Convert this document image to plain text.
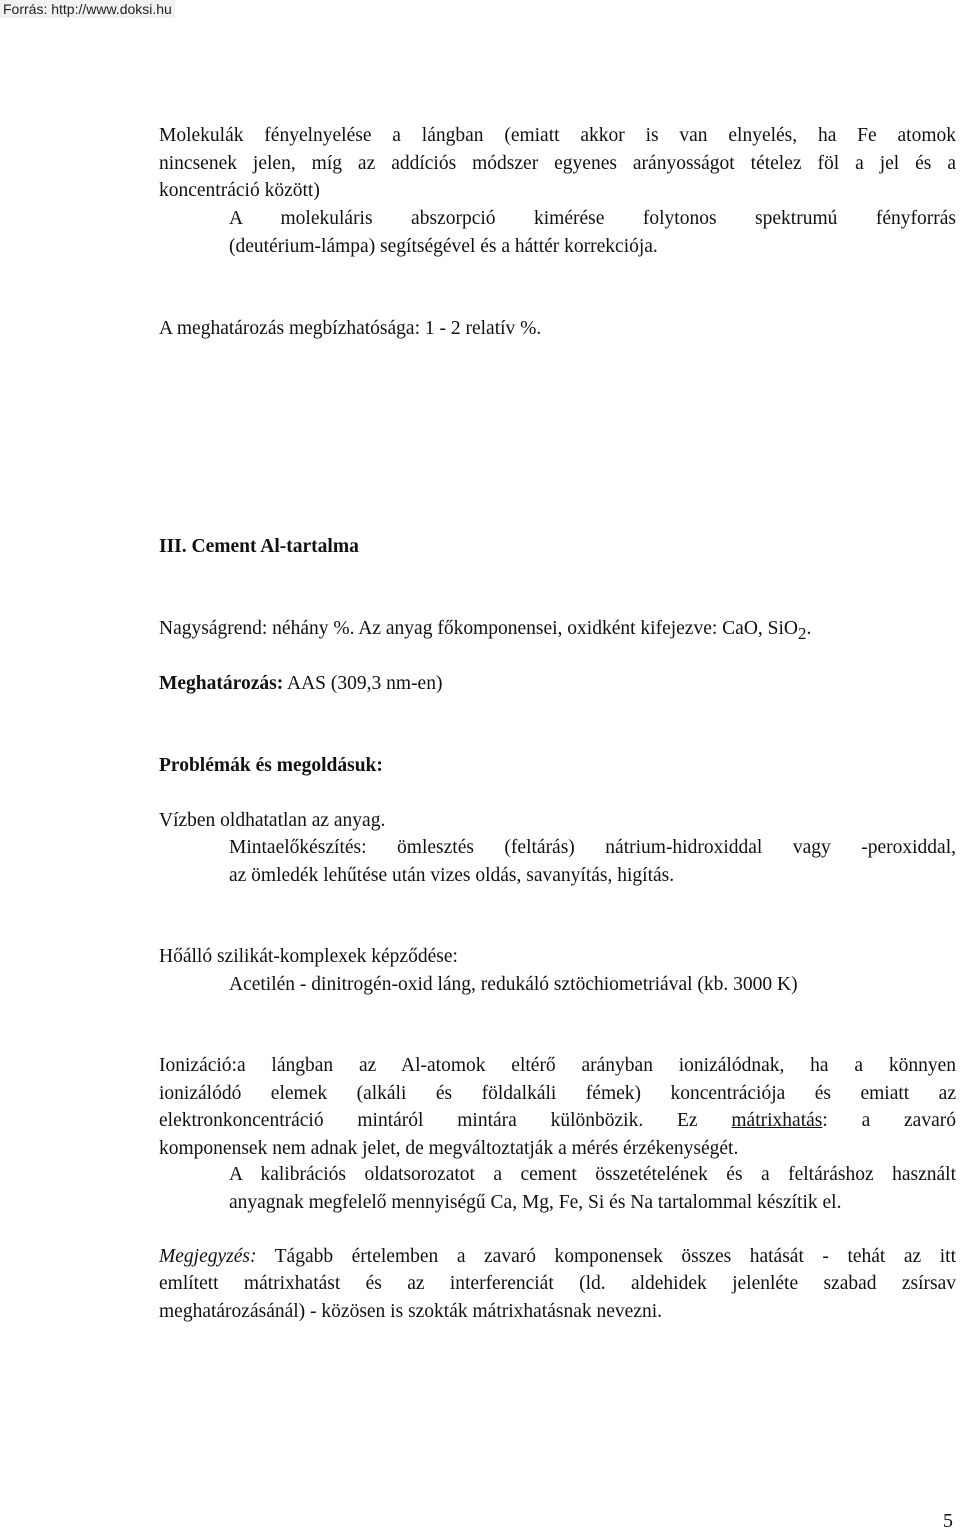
Forrás: http://www.doksi.hu

Molekulák fényelnyelése a lángban (emiatt akkor is van elnyelés, ha Fe atomok

nincsenek jelen, míg az addíciós módszer egyenes arányosságot tételez föl a jel és a

koncentráció között)

A molekuláris abszorpció kimérése folytonos spektrumú fényforrás

(deutérium-lámpa) segítségével és a háttér korrekciója.

A meghatározás megbízhatósága: 1 - 2 relatív %.

III. Cement Al-tartalma

Nagyságrend: néhány %. Az anyag főkomponensei, oxidként kifejezve: CaO, SiO$_2$.

Meghatározás: AAS (309,3 nm-en)

Problémák és megoldásuk:

Vízben oldhatatlan az anyag.

Mintaelőkészítés: ömlesztés (feltárás) nátrium-hidroxiddal vagy -peroxiddal,

az ömledék lehűtése után vizes oldás, savanyítás, higítás.

Hőálló szilikát-komplexek képződése:

Acetilén - dinitrogén-oxid láng, redukáló sztöchiometriával (kb. 3000 K)

Ionizáció:a lángban az Al-atomok eltérő arányban ionizálódnak, ha a könnyen

ionizálódó elemek (alkáli és földalkáli fémek) koncentrációja és emiatt az

elektronkoncentráció mintáról mintára különbözik. Ez mátrixhatás: a zavaró

komponensek nem adnak jelet, de megváltoztatják a mérés érzékenységét.

A kalibrációs oldatsorozatot a cement összetételének és a feltáráshoz használt

anyagnak megfelelő mennyiségű Ca, Mg, Fe, Si és Na tartalommal készítik el.

Megjegyzés: Tágabb értelemben a zavaró komponensek összes hatását - tehát az itt

említett mátrixhatást és az interferenciát (ld. aldehidek jelenléte szabad zsírsav

meghatározásánál) - közösen is szokták mátrixhatásnak nevezni.

5
